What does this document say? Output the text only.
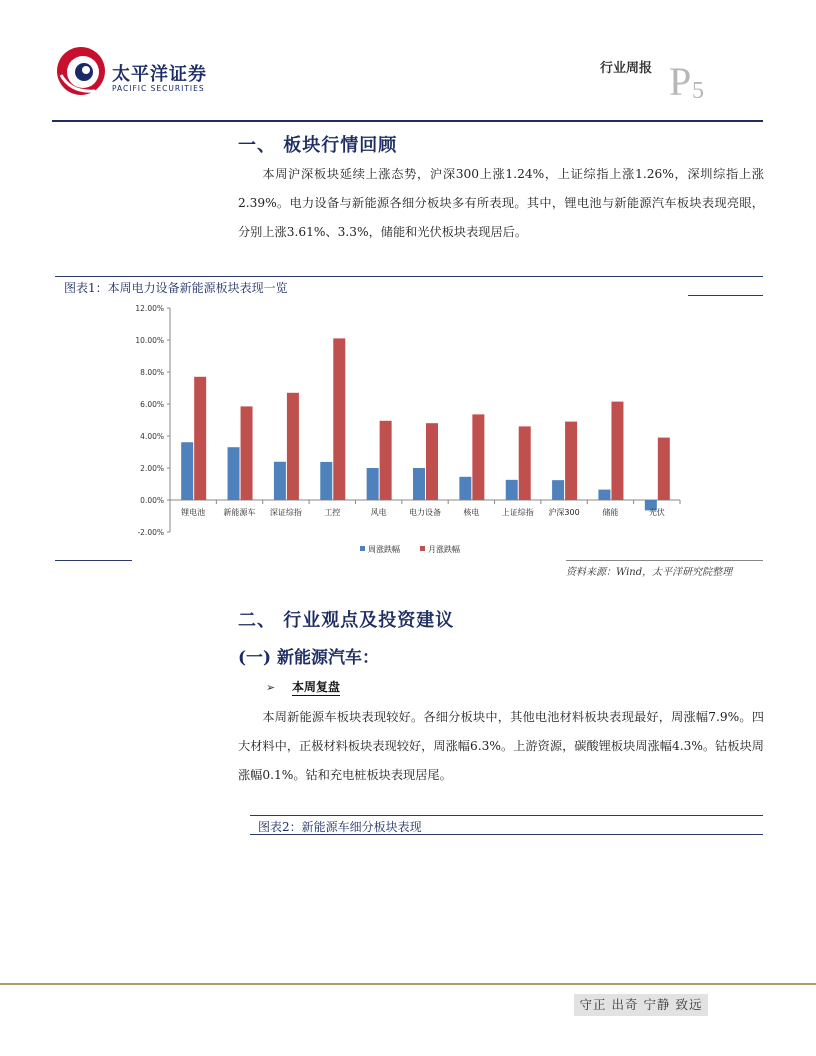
太平洋证券
PACIFIC SECURITIES
行业周报 P 5
一、 板块行情回顾

本周沪深板块延续上涨态势，沪深300上涨1.24%，上证综指上涨1.26%，深圳综指上涨2.39%。电力设备与新能源各细分板块多有所表现。其中，锂电池与新能源汽车板块表现亮眼，分别上涨3.61%、3.3%，储能和光伏板块表现居后。

图表1：本周电力设备新能源板块表现一览
-2.00%
0.00%
2.00%
4.00%
6.00%
8.00%
10.00%
12.00%
锂电池 新能源车 深证综指	工控	风电	电力设备	核电	上证综指 沪深300	储能	光伏
周涨跌幅	月涨跌幅
资料来源：Wind，太平洋研究院整理
二、 行业观点及投资建议
(一) 新能源汽车：
➢ 本周复盘

本周新能源车板块表现较好。各细分板块中，其他电池材料板块表现最好，周涨幅7.9%。四大材料中，正极材料板块表现较好，周涨幅6.3%。上游资源，碳酸锂板块周涨幅4.3%。钴板块周涨幅0.1%。钴和充电桩板块表现居尾。

图表2：新能源车细分板块表现
守正 出奇 宁静 致远
